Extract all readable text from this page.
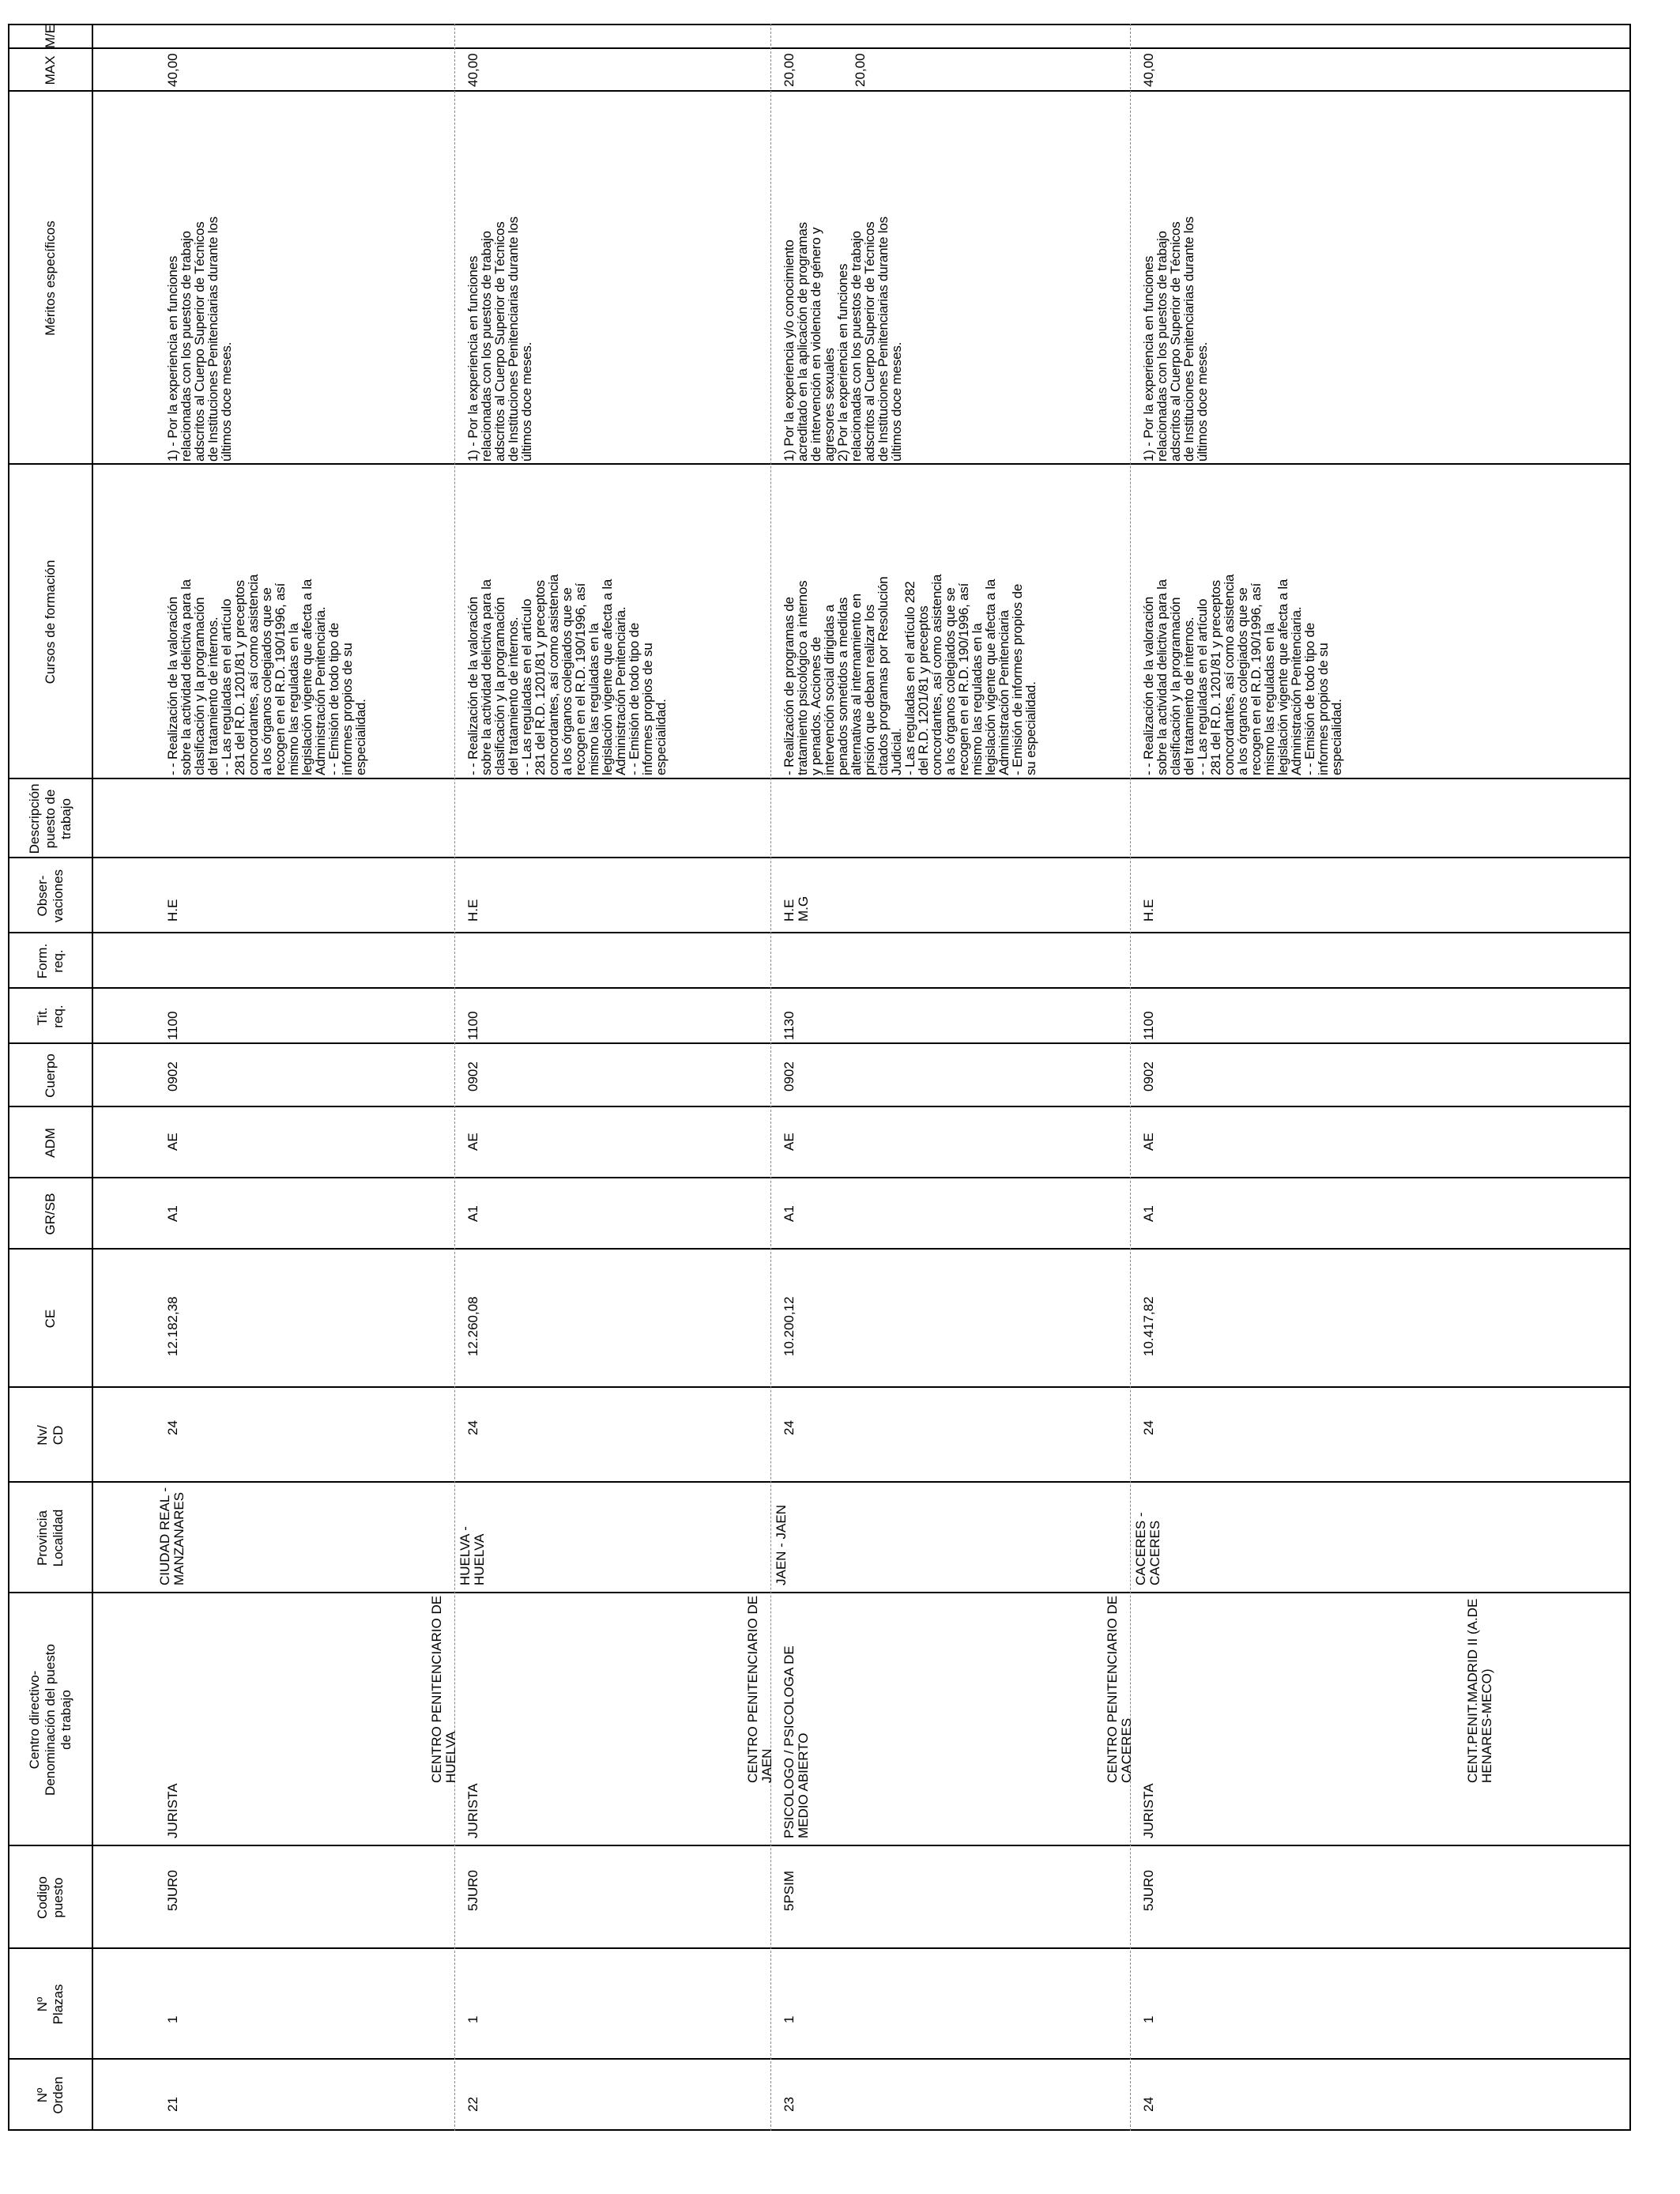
Nº
Orden
Nº
Plazas
Codigo
puesto
Centro directivo-
Denominación del puesto
de trabajo
Provincia
Localidad
Nv/
CD
CE
GR/SB
ADM
Cuerpo
Tit.
req.
Form.
req.
Obser-
vaciones
Descripción puesto de
trabajo
Cursos de formación
Méritos específicos
MAX
M/E
21
1
5JUR0
JURISTA
CIUDAD REAL -
MANZANARES
24
12.182,38
A1
AE
0902
1100
H.E
- - Realización de la valoración
sobre la actividad delictiva para la
clasificación y la programación
del tratamiento de internos.
- - Las reguladas en el artículo
281 del R.D. 1201/81 y preceptos
concordantes, así como asistencia
a los órganos colegiados que se
recogen en el R.D. 190/1996, así
mismo las reguladas en la
legislación vigente que afecta a la
Administración Penitenciaria.
- - Emisión de todo tipo de
informes propios de su
especialidad.
1) - Por la experiencia en funciones
relacionadas con los puestos de trabajo
adscritos al Cuerpo Superior de Técnicos
de Instituciones Penitenciarias durante los
últimos doce meses.
40,00
22
1
5JUR0
CENTRO PENITENCIARIO DE
HUELVA
JURISTA
HUELVA -
HUELVA
24
12.260,08
A1
AE
0902
1100
H.E
- - Realización de la valoración
sobre la actividad delictiva para la
clasificación y la programación
del tratamiento de internos.
- - Las reguladas en el artículo
281 del R.D. 1201/81 y preceptos
concordantes, así como asistencia
a los órganos colegiados que se
recogen en el R.D. 190/1996, así
mismo las reguladas en la
legislación vigente que afecta a la
Administración Penitenciaria.
- - Emisión de todo tipo de
informes propios de su
especialidad.
1) - Por la experiencia en funciones
relacionadas con los puestos de trabajo
adscritos al Cuerpo Superior de Técnicos
de Instituciones Penitenciarias durante los
últimos doce meses.
40,00
23
1
5PSIM
CENTRO PENITENCIARIO DE
JAEN PSICOLOGO / PSICOLOGA DE
MEDIO ABIERTO
JAEN - JAEN
24
10.200,12
A1
AE
0902
1130
H.E
M.G
- Realización de programas de
tratamiento psicológico a internos
y penados. Acciones de
intervención social dirigidas a
penados sometidos a medidas
alternativas al internamiento en
prisión que deban realizar los
citados programas por Resolución
Judicial.
- Las reguladas en el artículo 282
del R.D. 1201/81 y preceptos
concordantes, así como asistencia
a los órganos colegiados que se
recogen en el R.D. 190/1996, así
mismo las reguladas en la
legislación vigente que afecta a la
Administración Penitenciaria
- Emisión de informes propios de
su especialidad.
1) Por la experiencia y/o conocimiento
acreditado en la aplicación de programas
de intervención en violencia de género y
agresores sexuales
2) Por la experiencia en funciones
relacionadas con los puestos de trabajo
adscritos al Cuerpo Superior de Técnicos
de Instituciones Penitenciarias durante los
últimos doce meses.
20,00	20,00
24
1
5JUR0
CENTRO PENITENCIARIO DE
CACERES
JURISTA
CACERES -
CACERES
24
10.417,82
A1
AE
0902
1100
H.E
- - Realización de la valoración
sobre la actividad delictiva para la
clasificación y la programación
del tratamiento de internos.
- - Las reguladas en el artículo
281 del R.D. 1201/81 y preceptos
concordantes, así como asistencia
a los órganos colegiados que se
recogen en el R.D. 190/1996, así
mismo las reguladas en la
legislación vigente que afecta a la
Administración Penitenciaria.
- - Emisión de todo tipo de
informes propios de su
especialidad.
1) - Por la experiencia en funciones
relacionadas con los puestos de trabajo
adscritos al Cuerpo Superior de Técnicos
de Instituciones Penitenciarias durante los
últimos doce meses.
40,00
CENT.PENIT.MADRID II (A.DE
HENARES-MECO)
